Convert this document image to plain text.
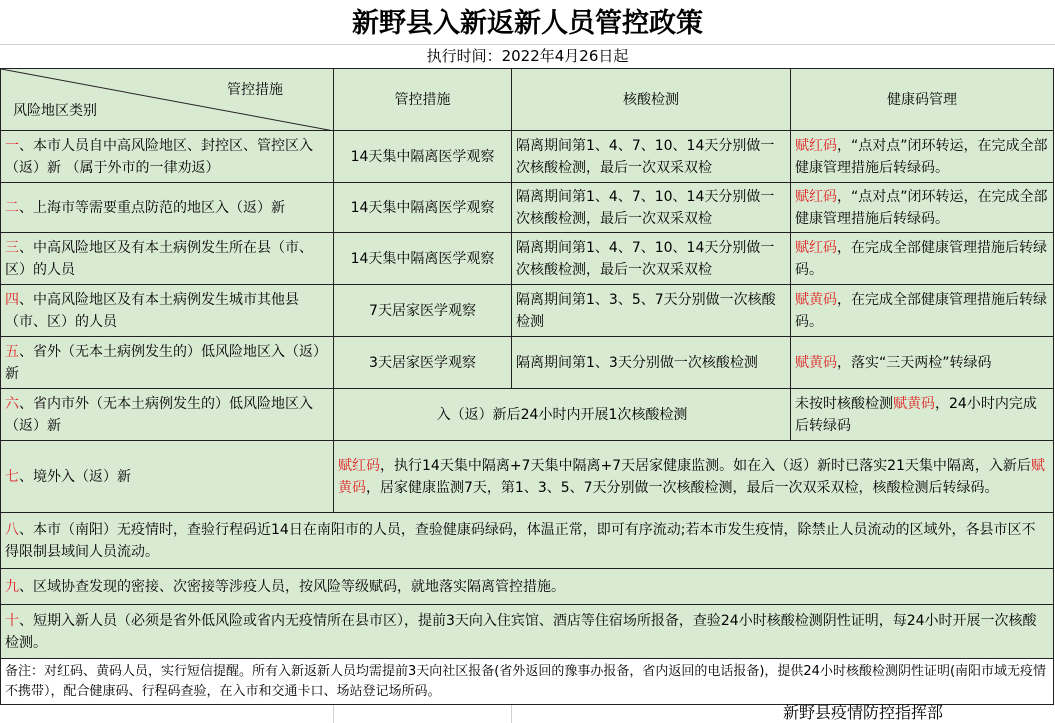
新野县入新返新人员管控政策
执行时间：2022年4月26日起
管控措施
风险地区类别	管控措施	核酸检测	健康码管理
一、本市人员自中高风险地区、封控区、管控区入（返）新 （属于外市的一律劝返）	14天集中隔离医学观察	隔离期间第1、4、7、10、14天分别做一次核酸检测，最后一次双采双检	赋红码，“点对点”闭环转运，在完成全部健康管理措施后转绿码。
二、上海市等需要重点防范的地区入（返）新	14天集中隔离医学观察	隔离期间第1、4、7、10、14天分别做一次核酸检测，最后一次双采双检	赋红码，“点对点”闭环转运，在完成全部健康管理措施后转绿码。
三、中高风险地区及有本土病例发生所在县（市、区）的人员	14天集中隔离医学观察	隔离期间第1、4、7、10、14天分别做一次核酸检测，最后一次双采双检	赋红码，在完成全部健康管理措施后转绿码。
四、中高风险地区及有本土病例发生城市其他县（市、区）的人员	7天居家医学观察	隔离期间第1、3、5、7天分别做一次核酸检测	赋黄码，在完成全部健康管理措施后转绿码。
五、省外（无本土病例发生的）低风险地区入（返）新	3天居家医学观察	隔离期间第1、3天分别做一次核酸检测	赋黄码，落实“三天两检”转绿码
六、省内市外（无本土病例发生的）低风险地区入（返）新	入（返）新后24小时内开展1次核酸检测		未按时核酸检测赋黄码，24小时内完成后转绿码
七、境外入（返）新	赋红码，执行14天集中隔离+7天集中隔离+7天居家健康监测。如在入（返）新时已落实21天集中隔离，入新后赋黄码，居家健康监测7天，第1、3、5、7天分别做一次核酸检测，最后一次双采双检，核酸检测后转绿码。		
八、本市（南阳）无疫情时，查验行程码近14日在南阳市的人员，查验健康码绿码，体温正常，即可有序流动;若本市发生疫情，除禁止人员流动的区域外，各县市区不得限制县域间人员流动。			
九、区域协查发现的密接、次密接等涉疫人员，按风险等级赋码，就地落实隔离管控措施。			
十、短期入新人员（必须是省外低风险或省内无疫情所在县市区），提前3天向入住宾馆、酒店等住宿场所报备，查验24小时核酸检测阴性证明，每24小时开展一次核酸检测。			
备注：对红码、黄码人员，实行短信提醒。所有入新返新人员均需提前3天向社区报备(省外返回的豫事办报备，省内返回的电话报备)，提供24小时核酸检测阴性证明(南阳市域无疫情不携带），配合健康码、行程码查验，在入市和交通卡口、场站登记场所码。			
新野县疫情防控指挥部
